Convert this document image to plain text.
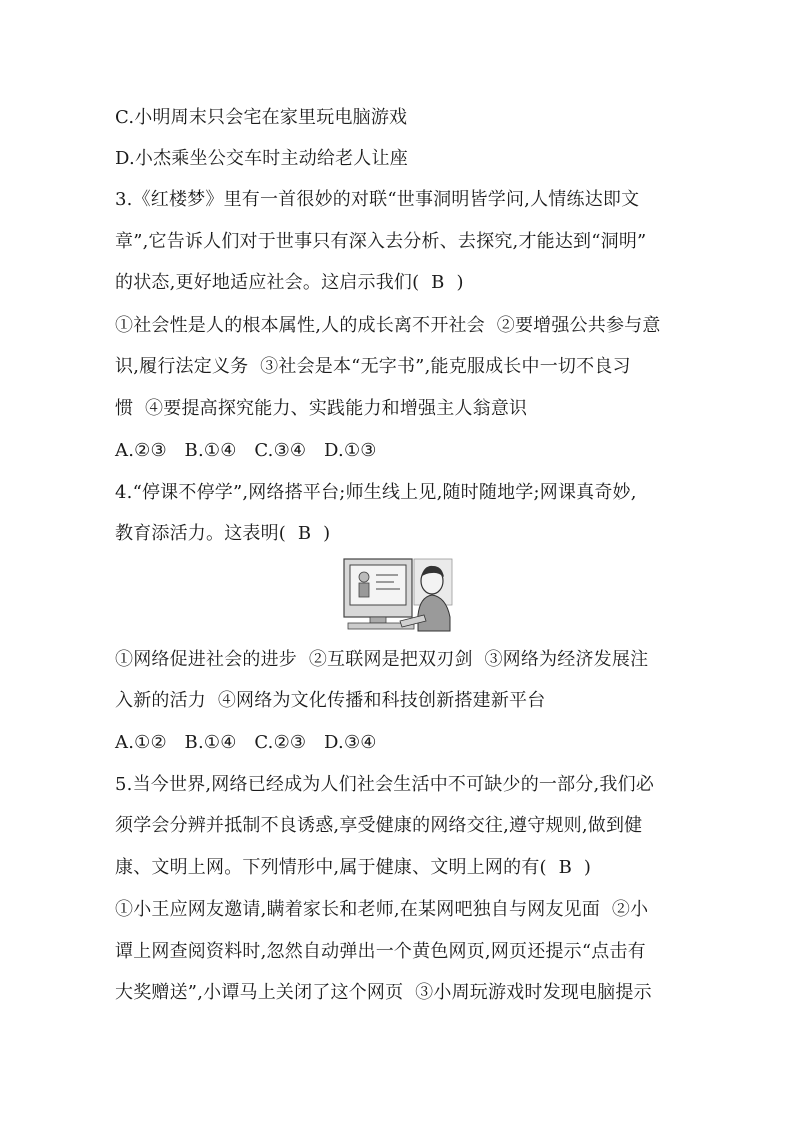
C.小明周末只会宅在家里玩电脑游戏
D.小杰乘坐公交车时主动给老人让座
3.《红楼梦》里有一首很妙的对联“世事洞明皆学问,人情练达即文
章”,它告诉人们对于世事只有深入去分析、去探究,才能达到“洞明”
的状态,更好地适应社会。这启示我们(  B  )
①社会性是人的根本属性,人的成长离不开社会  ②要增强公共参与意
识,履行法定义务  ③社会是本“无字书”,能克服成长中一切不良习
惯  ④要提高探究能力、实践能力和增强主人翁意识
A.②③   B.①④   C.③④   D.①③
4.“停课不停学”,网络搭平台;师生线上见,随时随地学;网课真奇妙,
教育添活力。这表明(  B  )
①网络促进社会的进步  ②互联网是把双刃剑  ③网络为经济发展注
入新的活力  ④网络为文化传播和科技创新搭建新平台
A.①②   B.①④   C.②③   D.③④
5.当今世界,网络已经成为人们社会生活中不可缺少的一部分,我们必
须学会分辨并抵制不良诱惑,享受健康的网络交往,遵守规则,做到健
康、文明上网。下列情形中,属于健康、文明上网的有(  B  )
①小王应网友邀请,瞒着家长和老师,在某网吧独自与网友见面  ②小
谭上网查阅资料时,忽然自动弹出一个黄色网页,网页还提示“点击有
大奖赠送”,小谭马上关闭了这个网页  ③小周玩游戏时发现电脑提示
